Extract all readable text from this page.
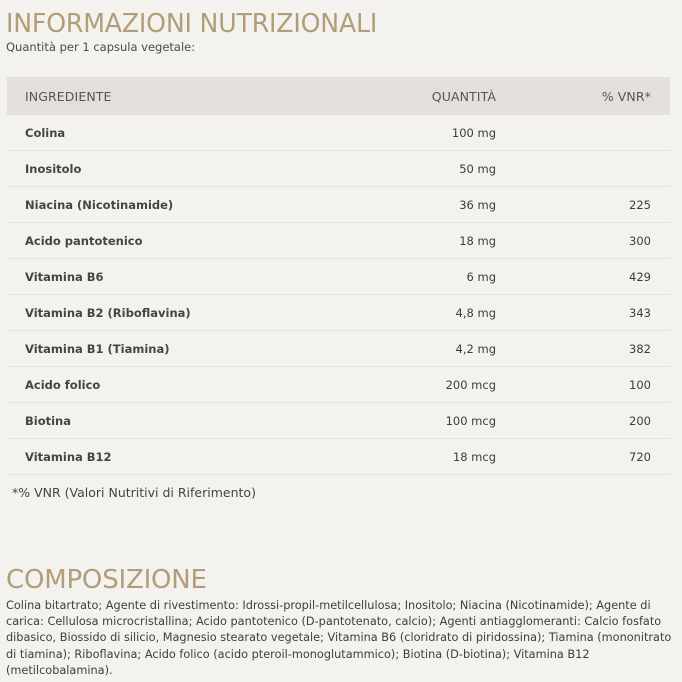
INFORMAZIONI NUTRIZIONALI
Quantità per 1 capsula vegetale:
INGREDIENTE	QUANTITÀ	% VNR*
Colina	100 mg
Inositolo	50 mg
Niacina (Nicotinamide)	36 mg	225
Acido pantotenico	18 mg	300
Vitamina B6	6 mg	429
Vitamina B2 (Riboflavina)	4,8 mg	343
Vitamina B1 (Tiamina)	4,2 mg	382
Acido folico	200 mcg	100
Biotina	100 mcg	200
Vitamina B12	18 mcg	720
*% VNR (Valori Nutritivi di Riferimento)
COMPOSIZIONE

Colina bitartrato; Agente di rivestimento: Idrossi-propil-metilcellulosa; Inositolo; Niacina (Nicotinamide); Agente di carica: Cellulosa microcristallina; Acido pantotenico (D-pantotenato, calcio); Agenti antiagglomeranti: Calcio fosfato dibasico, Biossido di silicio, Magnesio stearato vegetale; Vitamina B6 (cloridrato di piridossina); Tiamina (mononitrato di tiamina); Riboflavina; Acido folico (acido pteroil-monoglutammico); Biotina (D-biotina); Vitamina B12 (metilcobalamina).
